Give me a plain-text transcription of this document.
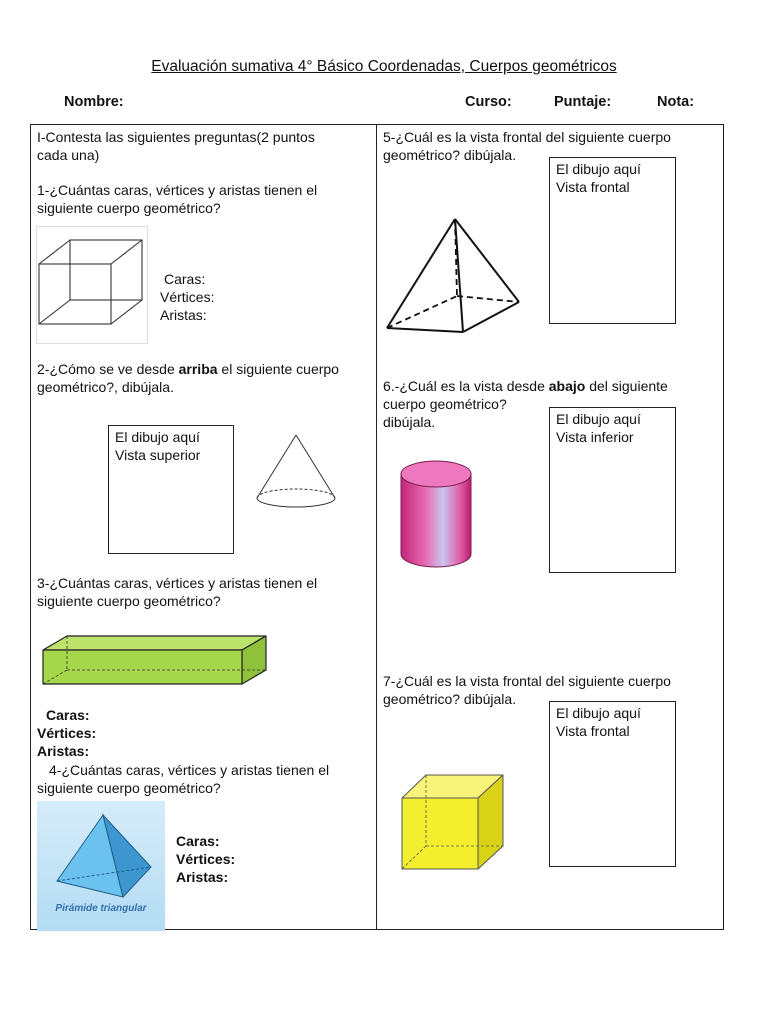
Evaluación sumativa 4° Básico Coordenadas, Cuerpos geométricos
Nombre:	Curso:	Puntaje:	Nota:
I-Contesta las siguientes preguntas(2 puntos
cada una)
1-¿Cuántas caras, vértices y aristas tienen el
siguiente cuerpo geométrico?
Caras:
Vértices:
Aristas:
2-¿Cómo se ve desde arriba el siguiente cuerpo
geométrico?, dibújala.
El dibujo aquí
Vista superior
3-¿Cuántas caras, vértices y aristas tienen el
siguiente cuerpo geométrico?
Caras:
Vértices:
Aristas:
4-¿Cuántas caras, vértices y aristas tienen el
siguiente cuerpo geométrico?
Pirámide triangular
Caras:
Vértices:
Aristas:
5-¿Cuál es la vista frontal del siguiente cuerpo
geométrico? dibújala.
El dibujo aquí
Vista frontal
6.-¿Cuál es la vista desde abajo del siguiente
cuerpo geométrico?
dibújala.	El dibujo aquí
Vista inferior
7-¿Cuál es la vista frontal del siguiente cuerpo
geométrico? dibújala.
El dibujo aquí
Vista frontal
